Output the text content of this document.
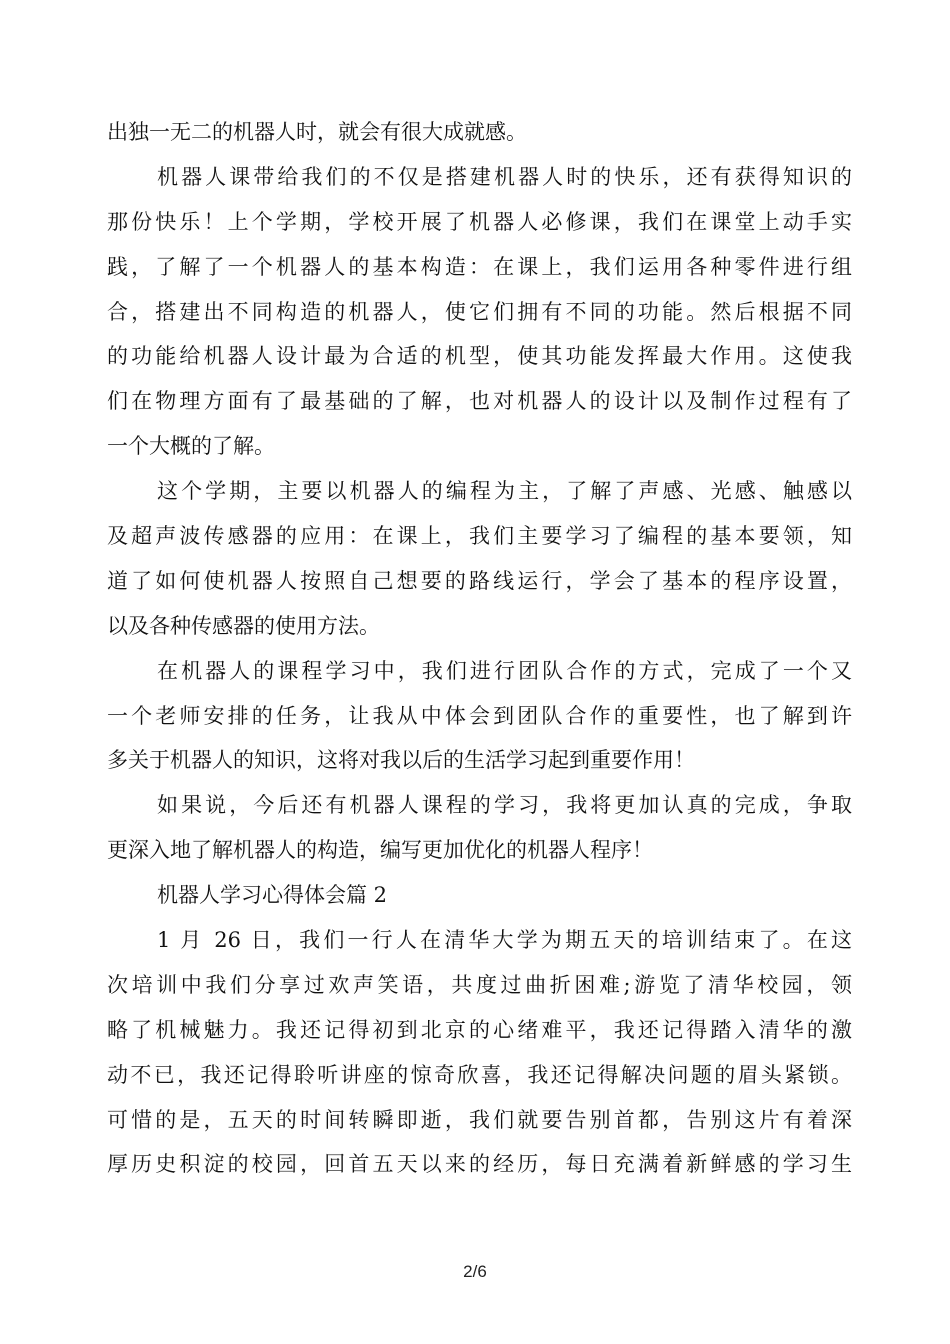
出独一无二的机器人时，就会有很大成就感。
机器人课带给我们的不仅是搭建机器人时的快乐，还有获得知识的
那份快乐！上个学期，学校开展了机器人必修课，我们在课堂上动手实
践，了解了一个机器人的基本构造：在课上，我们运用各种零件进行组
合，搭建出不同构造的机器人，使它们拥有不同的功能。然后根据不同
的功能给机器人设计最为合适的机型，使其功能发挥最大作用。这使我
们在物理方面有了最基础的了解，也对机器人的设计以及制作过程有了
一个大概的了解。
这个学期，主要以机器人的编程为主，了解了声感、光感、触感以
及超声波传感器的应用：在课上，我们主要学习了编程的基本要领，知
道了如何使机器人按照自己想要的路线运行，学会了基本的程序设置，
以及各种传感器的使用方法。
在机器人的课程学习中，我们进行团队合作的方式，完成了一个又
一个老师安排的任务，让我从中体会到团队合作的重要性，也了解到许
多关于机器人的知识，这将对我以后的生活学习起到重要作用！
如果说，今后还有机器人课程的学习，我将更加认真的完成，争取
更深入地了解机器人的构造，编写更加优化的机器人程序！
机器人学习心得体会篇 2
1 月 26 日，我们一行人在清华大学为期五天的培训结束了。在这
次培训中我们分享过欢声笑语，共度过曲折困难;游览了清华校园，领
略了机械魅力。我还记得初到北京的心绪难平，我还记得踏入清华的激
动不已，我还记得聆听讲座的惊奇欣喜，我还记得解决问题的眉头紧锁。
可惜的是，五天的时间转瞬即逝，我们就要告别首都，告别这片有着深
厚历史积淀的校园，回首五天以来的经历，每日充满着新鲜感的学习生
2/6
